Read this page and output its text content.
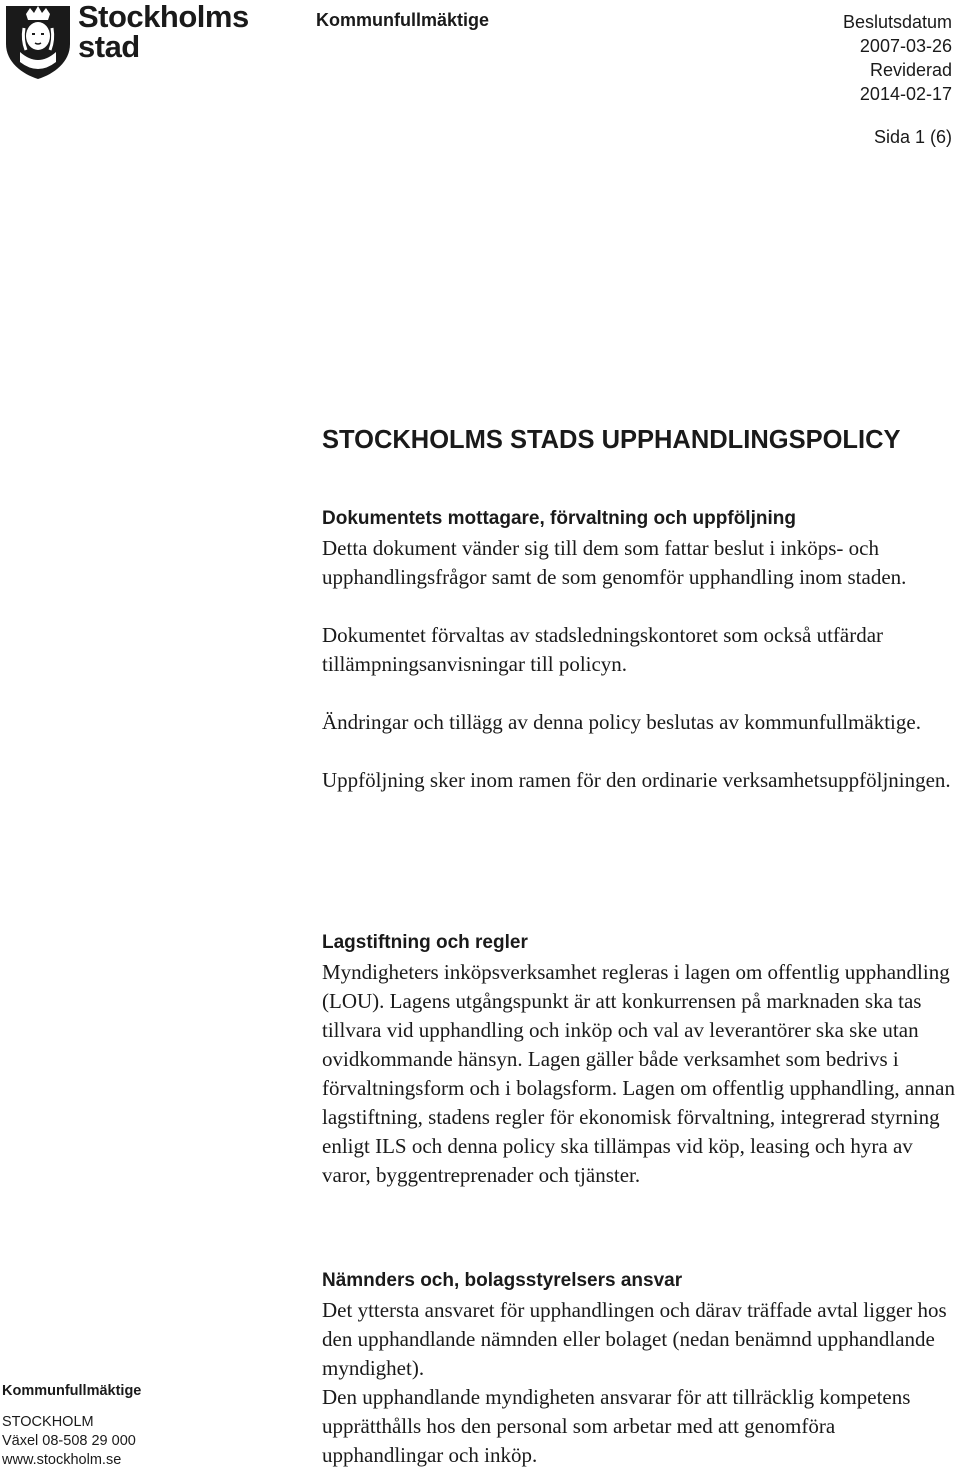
Stockholms
stad
Kommunfullmäktige	Beslutsdatum
2007-03-26
Reviderad
2014-02-17
Sida 1 (6)
STOCKHOLMS STADS UPPHANDLINGSPOLICY
Dokumentets mottagare, förvaltning och uppföljning

Detta dokument vänder sig till dem som fattar beslut i inköps- och upphandlingsfrågor samt de som genomför upphandling inom staden.

Dokumentet förvaltas av stadsledningskontoret som också utfärdar tillämpningsanvisningar till policyn.

Ändringar och tillägg av denna policy beslutas av kommunfullmäktige.

Uppföljning sker inom ramen för den ordinarie verksamhetsuppföljningen.

Lagstiftning och regler

Myndigheters inköpsverksamhet regleras i lagen om offentlig upphandling (LOU). Lagens utgångspunkt är att konkurrensen på marknaden ska tas tillvara vid upphandling och inköp och val av leverantörer ska ske utan ovidkommande hänsyn. Lagen gäller både verksamhet som bedrivs i förvaltningsform och i bolagsform. Lagen om offentlig upphandling, annan lagstiftning, stadens regler för ekonomisk förvaltning, integrerad styrning enligt ILS och denna policy ska tillämpas vid köp, leasing och hyra av varor, byggentreprenader och tjänster.

Nämnders och, bolagsstyrelsers ansvar

Det yttersta ansvaret för upphandlingen och därav träffade avtal ligger hos den upphandlande nämnden eller bolaget (nedan benämnd upphandlande myndighet).

Den upphandlande myndigheten ansvarar för att tillräcklig kompetens upprätthålls hos den personal som arbetar med att genomföra upphandlingar och inköp.

Kommunfullmäktige
STOCKHOLM
Växel 08-508 29 000
www.stockholm.se
